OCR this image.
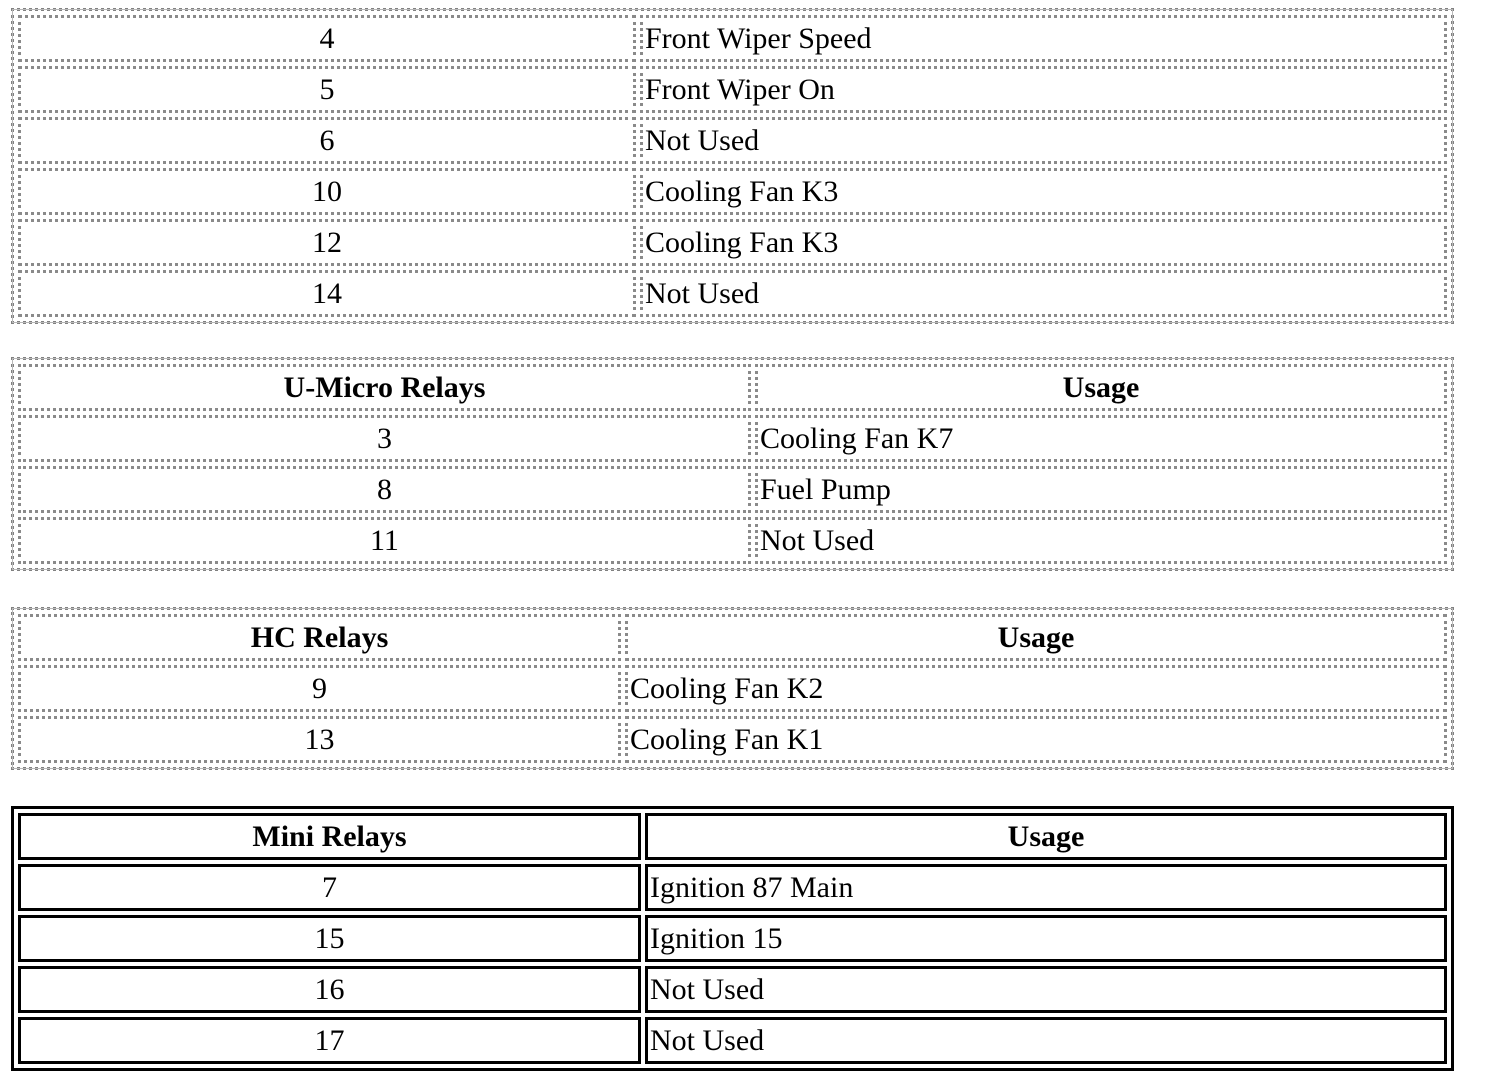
4	Front Wiper Speed
5	Front Wiper On
6	Not Used
10	Cooling Fan K3
12	Cooling Fan K3
14	Not Used
U-Micro Relays	Usage
3	Cooling Fan K7
8	Fuel Pump
11	Not Used
HC Relays	Usage
9	Cooling Fan K2
13	Cooling Fan K1
Mini Relays	Usage
7	Ignition 87 Main
15	Ignition 15
16	Not Used
17	Not Used
